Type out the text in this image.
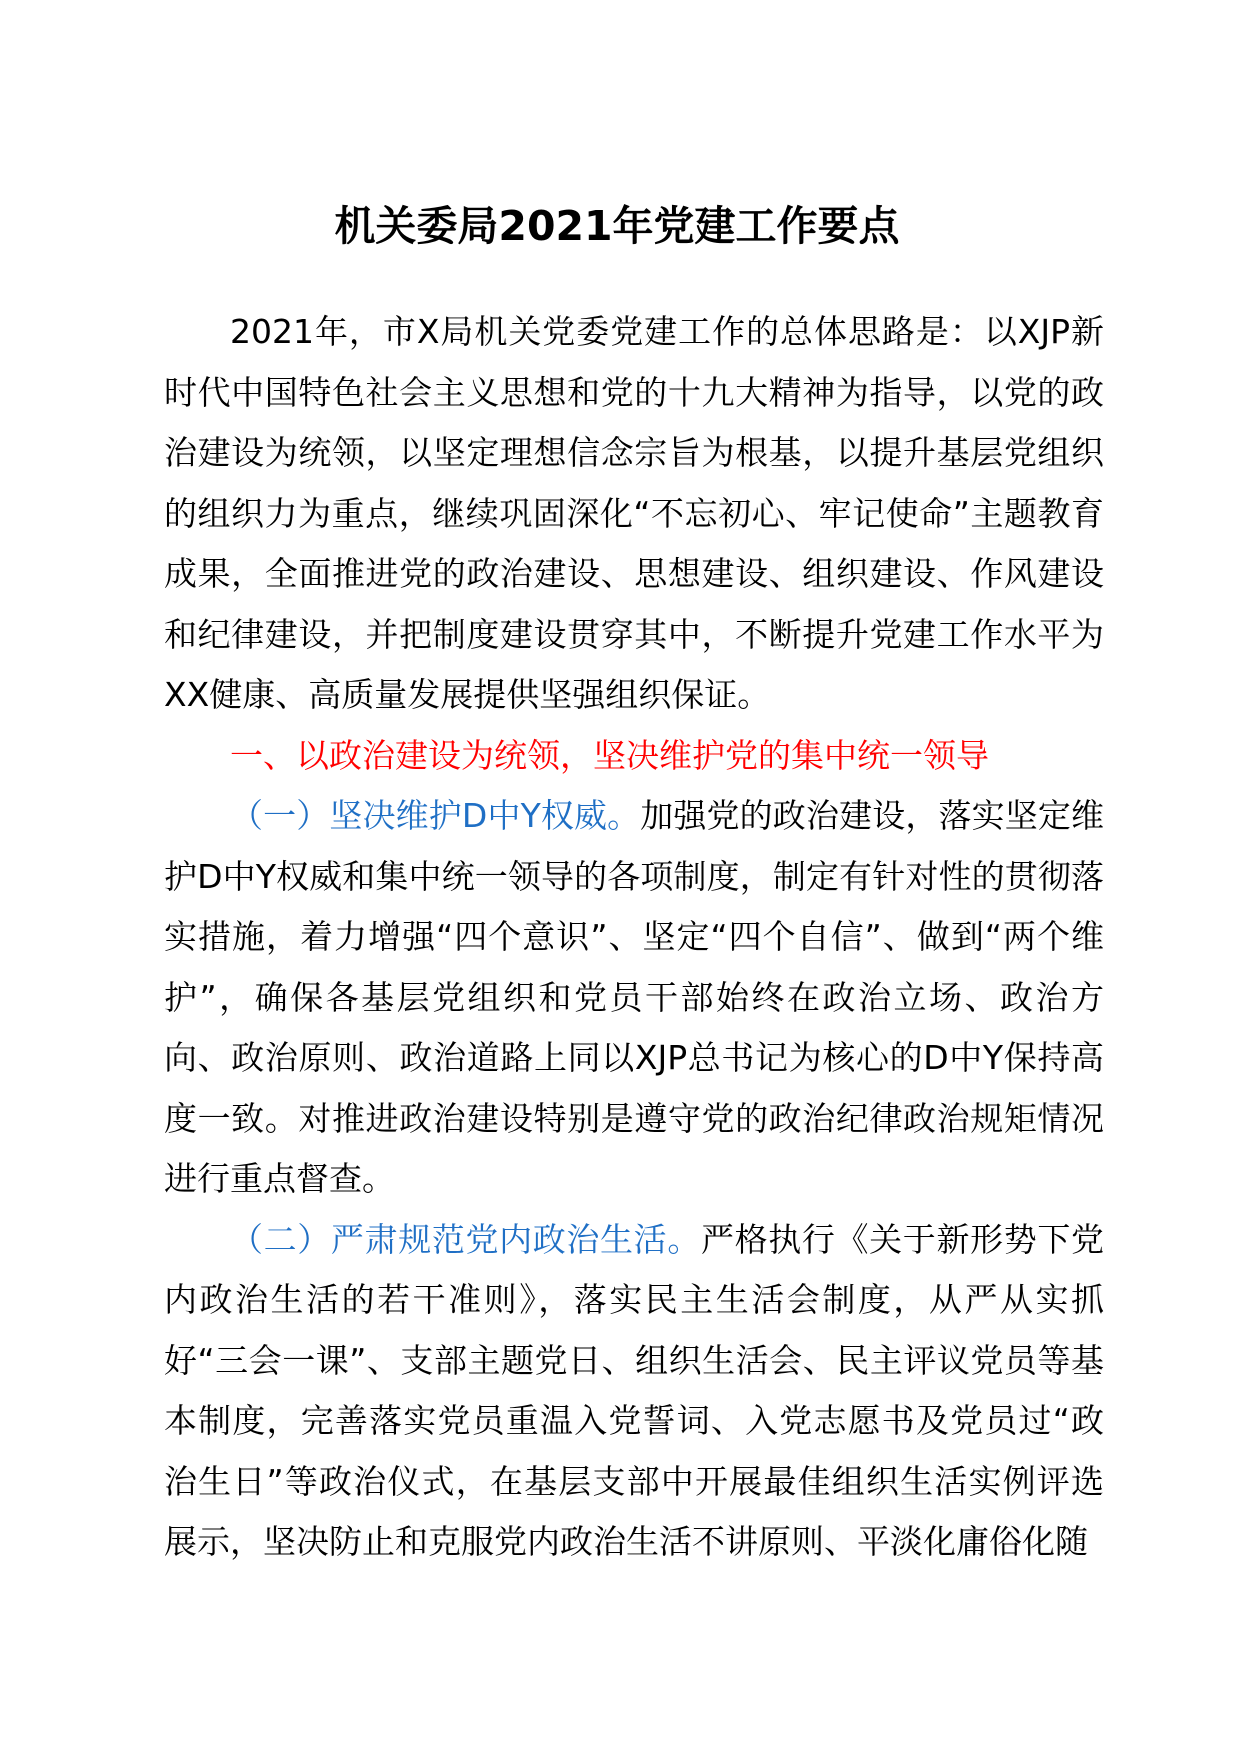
机关委局2021年党建工作要点

2021年，市X局机关党委党建工作的总体思路是：以XJP新时代中国特色社会主义思想和党的十九大精神为指导，以党的政治建设为统领，以坚定理想信念宗旨为根基，以提升基层党组织的组织力为重点，继续巩固深化“不忘初心、牢记使命”主题教育成果，全面推进党的政治建设、思想建设、组织建设、作风建设和纪律建设，并把制度建设贯穿其中，不断提升党建工作水平为XX健康、高质量发展提供坚强组织保证。

一、以政治建设为统领，坚决维护党的集中统一领导

（一）坚决维护D中Y权威。加强党的政治建设，落实坚定维护D中Y权威和集中统一领导的各项制度，制定有针对性的贯彻落实措施，着力增强“四个意识”、坚定“四个自信”、做到“两个维护”，确保各基层党组织和党员干部始终在政治立场、政治方向、政治原则、政治道路上同以XJP总书记为核心的D中Y保持高度一致。对推进政治建设特别是遵守党的政治纪律政治规矩情况进行重点督查。

（二）严肃规范党内政治生活。严格执行《关于新形势下党内政治生活的若干准则》，落实民主生活会制度，从严从实抓好“三会一课”、支部主题党日、组织生活会、民主评议党员等基本制度，完善落实党员重温入党誓词、入党志愿书及党员过“政治生日”等政治仪式，在基层支部中开展最佳组织生活实例评选展示，坚决防止和克服党内政治生活不讲原则、平淡化庸俗化随
